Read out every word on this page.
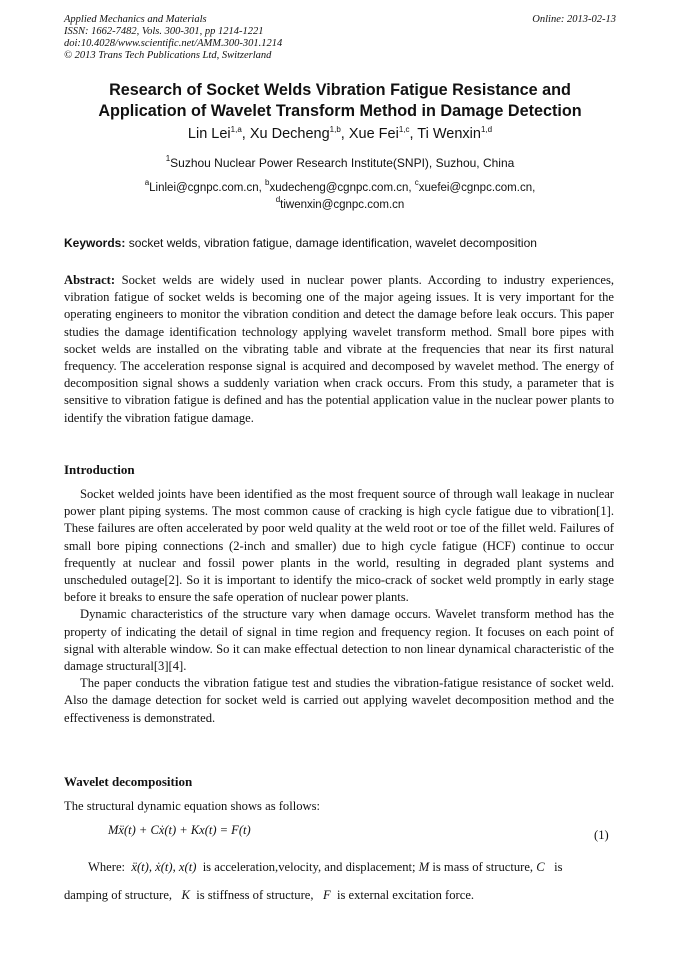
Applied Mechanics and Materials
ISSN: 1662-7482, Vols. 300-301, pp 1214-1221
doi:10.4028/www.scientific.net/AMM.300-301.1214
© 2013 Trans Tech Publications Ltd, Switzerland
Online: 2013-02-13
Research of Socket Welds Vibration Fatigue Resistance and
Application of Wavelet Transform Method in Damage Detection
Lin Lei$^{1,a}$, Xu Decheng$^{1,b}$, Xue Fei$^{1,c}$, Ti Wenxin$^{1,d}$
$^1$Suzhou Nuclear Power Research Institute(SNPI), Suzhou, China
$^a$Linlei@cgnpc.com.cn, $^b$xudecheng@cgnpc.com.cn, $^c$xuefei@cgnpc.com.cn,
$^d$tiwenxin@cgnpc.com.cn
Keywords: socket welds, vibration fatigue, damage identification, wavelet decomposition
Abstract: Socket welds are widely used in nuclear power plants. According to industry experiences, vibration fatigue of socket welds is becoming one of the major ageing issues. It is very important for the operating engineers to monitor the vibration condition and detect the damage before leak occurs. This paper studies the damage identification technology applying wavelet transform method. Small bore pipes with socket welds are installed on the vibrating table and vibrate at the frequencies that near its first natural frequency. The acceleration response signal is acquired and decomposed by wavelet method. The energy of decomposition signal shows a suddenly variation when crack occurs. From this study, a parameter that is sensitive to vibration fatigue is defined and has the potential application value in the nuclear power plants to identify the vibration fatigue damage.
Introduction

Socket welded joints have been identified as the most frequent source of through wall leakage in nuclear power plant piping systems. The most common cause of cracking is high cycle fatigue due to vibration[1]. These failures are often accelerated by poor weld quality at the weld root or toe of the fillet weld. Failures of small bore piping connections (2-inch and smaller) due to high cycle fatigue (HCF) continue to occur frequently at nuclear and fossil power plants in the world, resulting in degraded plant systems and unscheduled outage[2]. So it is important to identify the mico-crack of socket weld promptly in early stage before it breaks to ensure the safe operation of nuclear power plants.

Dynamic characteristics of the structure vary when damage occurs. Wavelet transform method has the property of indicating the detail of signal in time region and frequency region. It focuses on each point of signal with alterable window. So it can make effectual detection to non linear dynamical characteristic of the damage structural[3][4].

The paper conducts the vibration fatigue test and studies the vibration-fatigue resistance of socket weld. Also the damage detection for socket weld is carried out applying wavelet decomposition method and the effectiveness is demonstrated.

Wavelet decomposition
The structural dynamic equation shows as follows:
Mẍ(t) + Cẋ(t) + Kx(t) = F(t)	(1)
Where: ẍ(t), ẋ(t), x(t) is acceleration,velocity, and displacement; M is mass of structure, C is
damping of structure, K is stiffness of structure, F is external excitation force.
